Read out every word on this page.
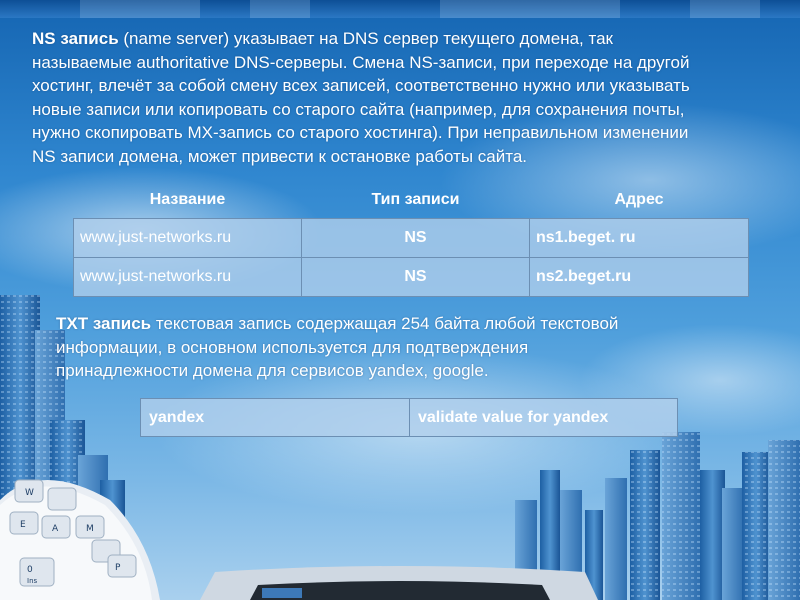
W
E	A	M
P
0
Ins
NS запись (name server) указывает на DNS сервер текущего домена, так
называемые authoritative DNS-серверы. Смена NS-записи, при переходе на другой
хостинг, влечёт за собой смену всех записей, соответственно нужно или указывать
новые записи или копировать со старого сайта (например, для сохранения почты,
нужно скопировать MX-запись со старого хостинга). При неправильном изменении
NS записи домена, может привести к остановке работы сайта.
Название	Тип записи	Адрес
www.just-networks.ru	NS	ns1.beget. ru
www.just-networks.ru	NS	ns2.beget.ru
TXT запись текстовая запись содержащая 254 байта любой текстовой
информации, в основном используется для подтверждения
принадлежности домена для сервисов yandex, google.
yandex	validate value for yandex
